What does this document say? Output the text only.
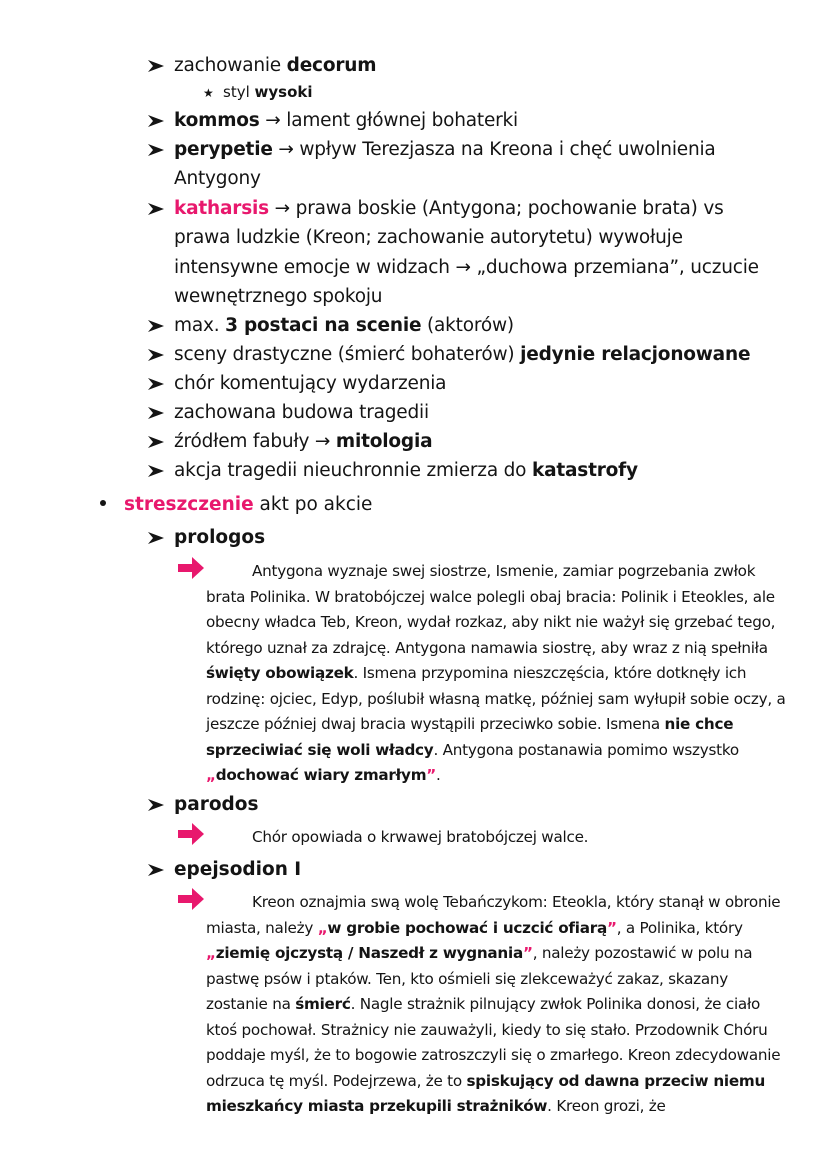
zachowanie decorum
★ styl wysoki
kommos → lament głównej bohaterki
perypetie → wpływ Terezjasza na Kreona i chęć uwolnienia Antygony
katharsis → prawa boskie (Antygona; pochowanie brata) vs prawa ludzkie (Kreon; zachowanie autorytetu) wywołuje intensywne emocje w widzach → „duchowa przemiana”, uczucie wewnętrznego spokoju
max. 3 postaci na scenie (aktorów)
sceny drastyczne (śmierć bohaterów) jedynie relacjonowane
chór komentujący wydarzenia
zachowana budowa tragedii
źródłem fabuły → mitologia
akcja tragedii nieuchronnie zmierza do katastrofy
streszczenie akt po akcie
prologos
Antygona wyznaje swej siostrze, Ismenie, zamiar pogrzebania zwłok brata Polinika. W bratobójczej walce polegli obaj bracia: Polinik i Eteokles, ale obecny władca Teb, Kreon, wydał rozkaz, aby nikt nie ważył się grzebać tego, którego uznał za zdrajcę. Antygona namawia siostrę, aby wraz z nią spełniła święty obowiązek. Ismena przypomina nieszczęścia, które dotknęły ich rodzinę: ojciec, Edyp, poślubił własną matkę, później sam wyłupił sobie oczy, a jeszcze później dwaj bracia wystąpili przeciwko sobie. Ismena nie chce sprzeciwiać się woli władcy. Antygona postanawia pomimo wszystko „dochować wiary zmarłym”.
parodos
Chór opowiada o krwawej bratobójczej walce.
epejsodion I
Kreon oznajmia swą wolę Tebańczykom: Eteokla, który stanął w obronie miasta, należy „w grobie pochować i uczcić ofiarą”, a Polinika, który „ziemię ojczystą / Naszedł z wygnania”, należy pozostawić w polu na pastwę psów i ptaków. Ten, kto ośmieli się zlekceważyć zakaz, skazany zostanie na śmierć. Nagle strażnik pilnujący zwłok Polinika donosi, że ciało ktoś pochował. Strażnicy nie zauważyli, kiedy to się stało. Przodownik Chóru poddaje myśl, że to bogowie zatroszczyli się o zmarłego. Kreon zdecydowanie odrzuca tę myśl. Podejrzewa, że to spiskujący od dawna przeciw niemu mieszkańcy miasta przekupili strażników. Kreon grozi, że
